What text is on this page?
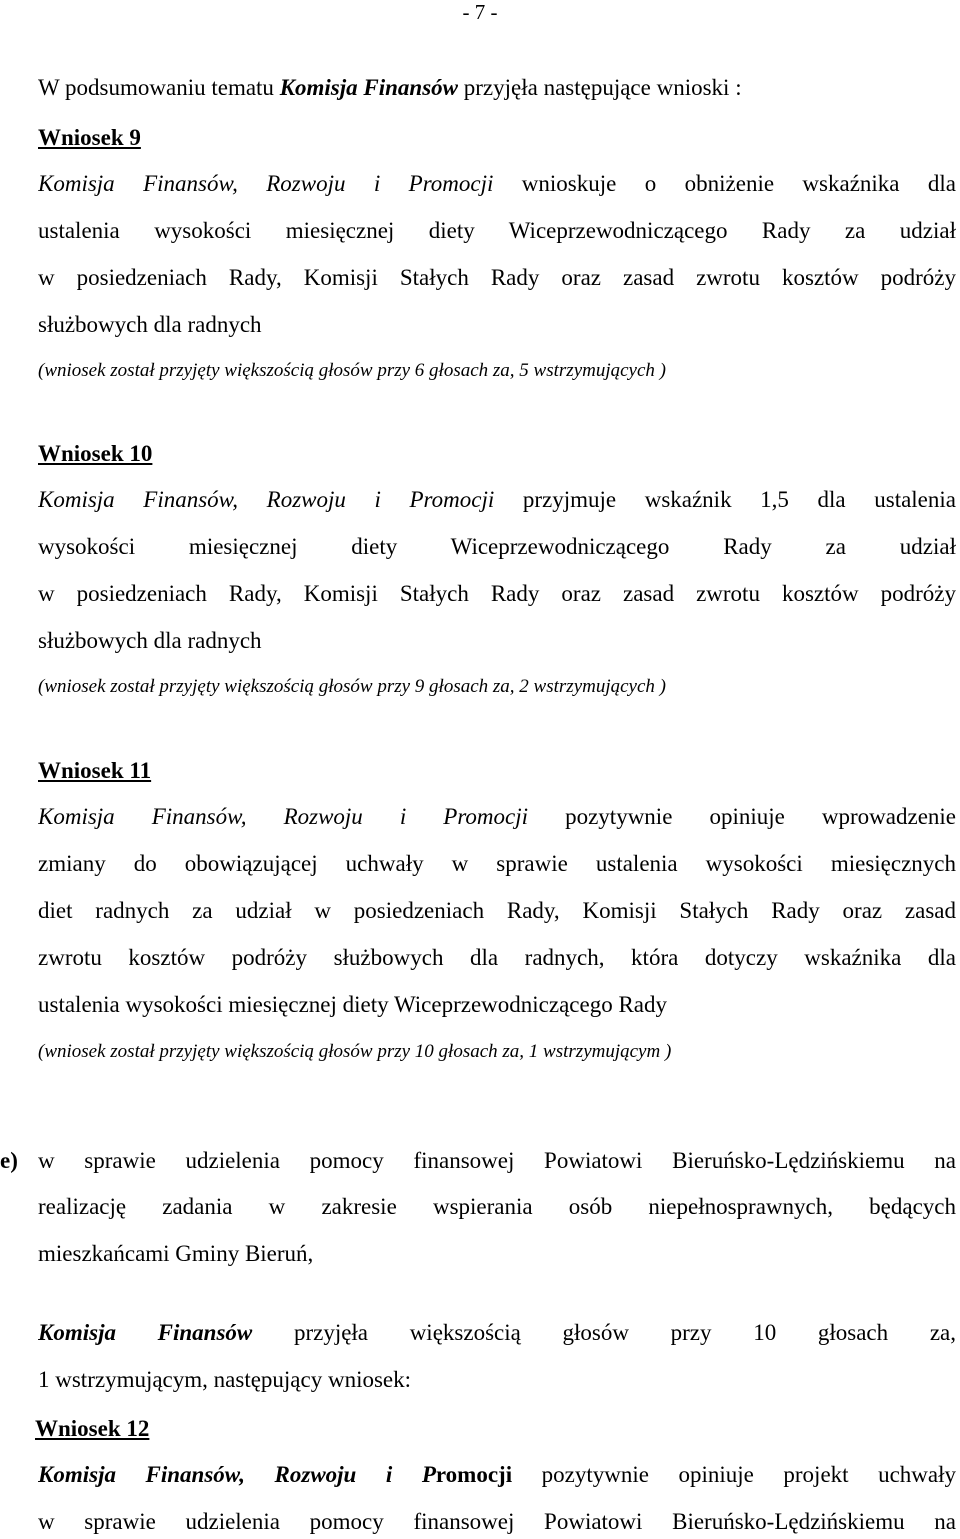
- 7 -
W podsumowaniu tematu Komisja Finansów przyjęła następujące wnioski :
Wniosek 9
Komisja Finansów, Rozwoju i Promocji wnioskuje o obniżenie wskaźnika dla
ustalenia wysokości miesięcznej diety Wiceprzewodniczącego Rady za udział
w posiedzeniach Rady, Komisji Stałych Rady oraz zasad zwrotu kosztów podróży
służbowych dla radnych
(wniosek został przyjęty większością głosów przy 6 głosach za, 5 wstrzymujących )
Wniosek 10
Komisja Finansów, Rozwoju i Promocji przyjmuje wskaźnik 1,5 dla ustalenia
wysokości miesięcznej diety Wiceprzewodniczącego Rady za udział
w posiedzeniach Rady, Komisji Stałych Rady oraz zasad zwrotu kosztów podróży
służbowych dla radnych
(wniosek został przyjęty większością głosów przy 9 głosach za, 2 wstrzymujących )
Wniosek 11
Komisja Finansów, Rozwoju i Promocji pozytywnie opiniuje wprowadzenie
zmiany do obowiązującej uchwały w sprawie ustalenia wysokości miesięcznych
diet radnych za udział w posiedzeniach Rady, Komisji Stałych Rady oraz zasad
zwrotu kosztów podróży służbowych dla radnych, która dotyczy wskaźnika dla
ustalenia wysokości miesięcznej diety Wiceprzewodniczącego Rady
(wniosek został przyjęty większością głosów przy 10 głosach za, 1 wstrzymującym )
e) w sprawie udzielenia pomocy finansowej Powiatowi Bieruńsko-Lędzińskiemu na
realizację zadania w zakresie wspierania osób niepełnosprawnych, będących
mieszkańcami Gminy Bieruń,
Komisja Finansów przyjęła większością głosów przy 10 głosach za,
1 wstrzymującym, następujący wniosek:
Wniosek 12
Komisja Finansów, Rozwoju i Promocji pozytywnie opiniuje projekt uchwały
w sprawie udzielenia pomocy finansowej Powiatowi Bieruńsko-Lędzińskiemu na
